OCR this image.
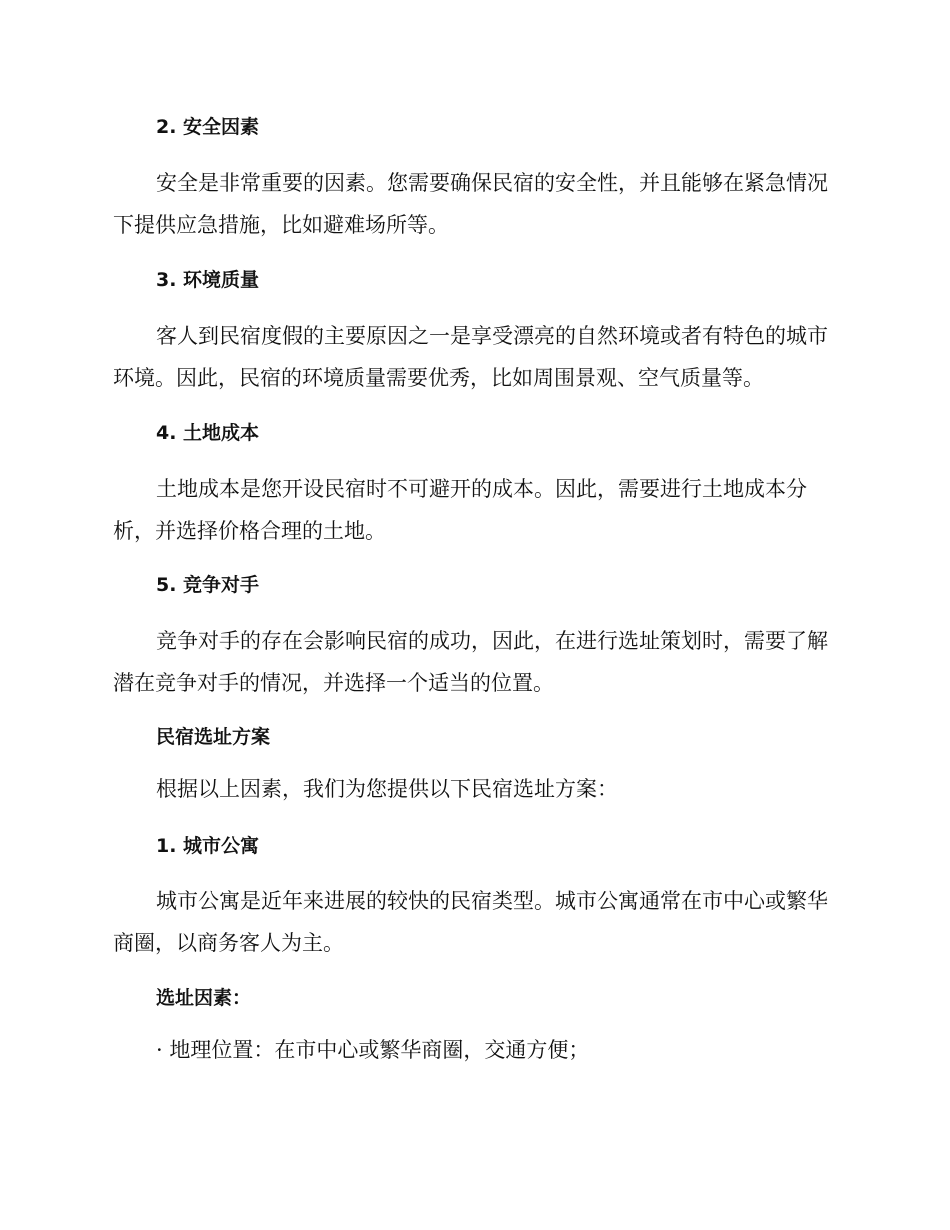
2. 安全因素
安全是非常重要的因素。您需要确保民宿的安全性，并且能够在紧急情况下提供应急措施，比如避难场所等。
3. 环境质量
客人到民宿度假的主要原因之一是享受漂亮的自然环境或者有特色的城市环境。因此，民宿的环境质量需要优秀，比如周围景观、空气质量等。
4. 土地成本
土地成本是您开设民宿时不可避开的成本。因此，需要进行土地成本分析，并选择价格合理的土地。
5. 竞争对手
竞争对手的存在会影响民宿的成功，因此，在进行选址策划时，需要了解潜在竞争对手的情况，并选择一个适当的位置。
民宿选址方案
根据以上因素，我们为您提供以下民宿选址方案：
1. 城市公寓
城市公寓是近年来进展的较快的民宿类型。城市公寓通常在市中心或繁华商圈，以商务客人为主。
选址因素：
· 地理位置：在市中心或繁华商圈，交通方便；
